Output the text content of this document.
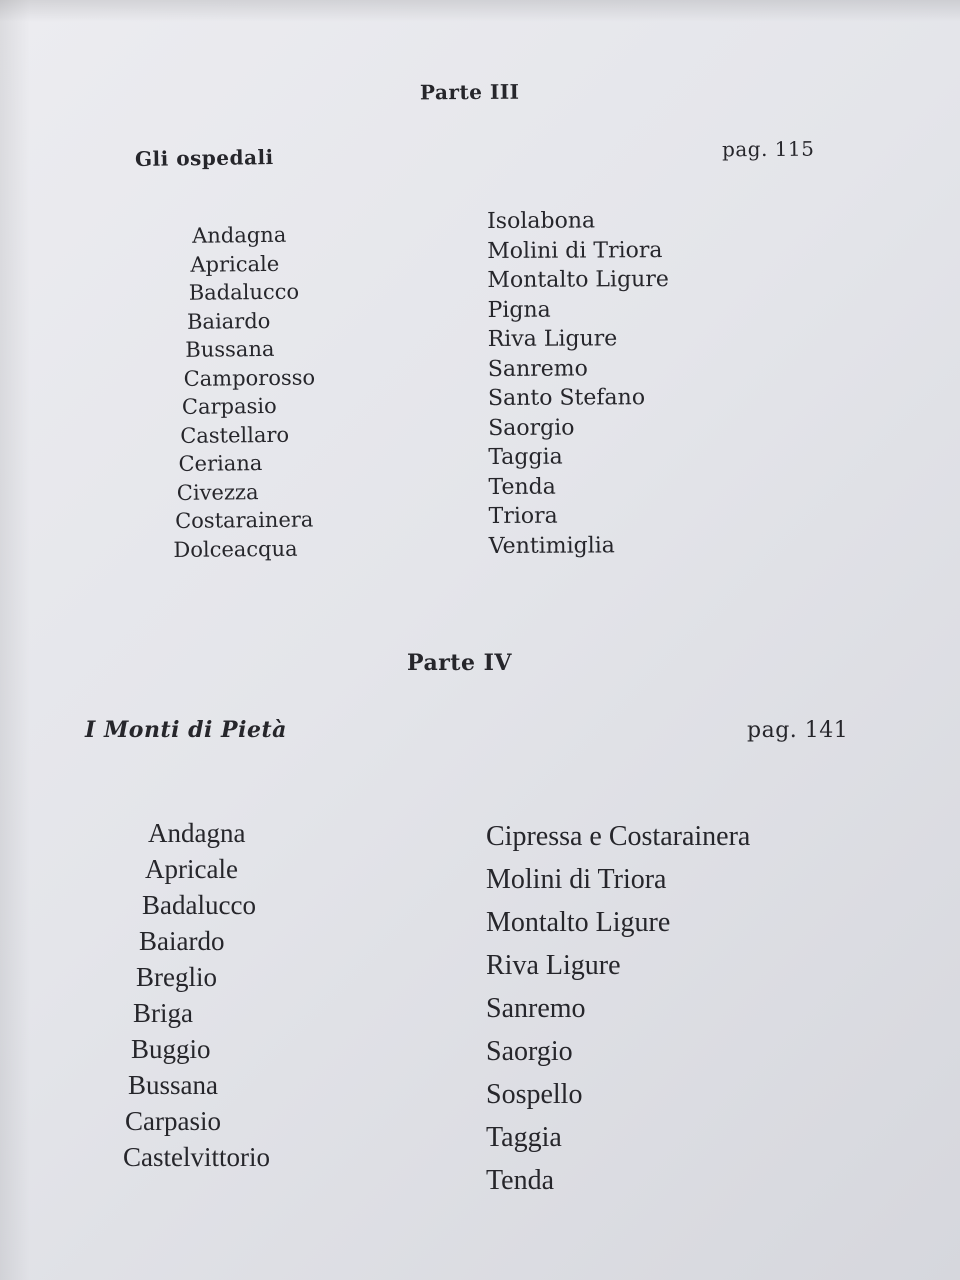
Parte III
Gli ospedali	pag. 115
Andagna
Apricale
Badalucco
Baiardo
Bussana
Camporosso
Carpasio
Castellaro
Ceriana
Civezza
Costarainera
Dolceacqua
Isolabona
Molini di Triora
Montalto Ligure
Pigna
Riva Ligure
Sanremo
Santo Stefano
Saorgio
Taggia
Tenda
Triora
Ventimiglia
Parte IV
I Monti di Pietà	pag. 141
Andagna
Apricale
Badalucco
Baiardo
Breglio
Briga
Buggio
Bussana
Carpasio
Castelvittorio
Cipressa e Costarainera
Molini di Triora
Montalto Ligure
Riva Ligure
Sanremo
Saorgio
Sospello
Taggia
Tenda
